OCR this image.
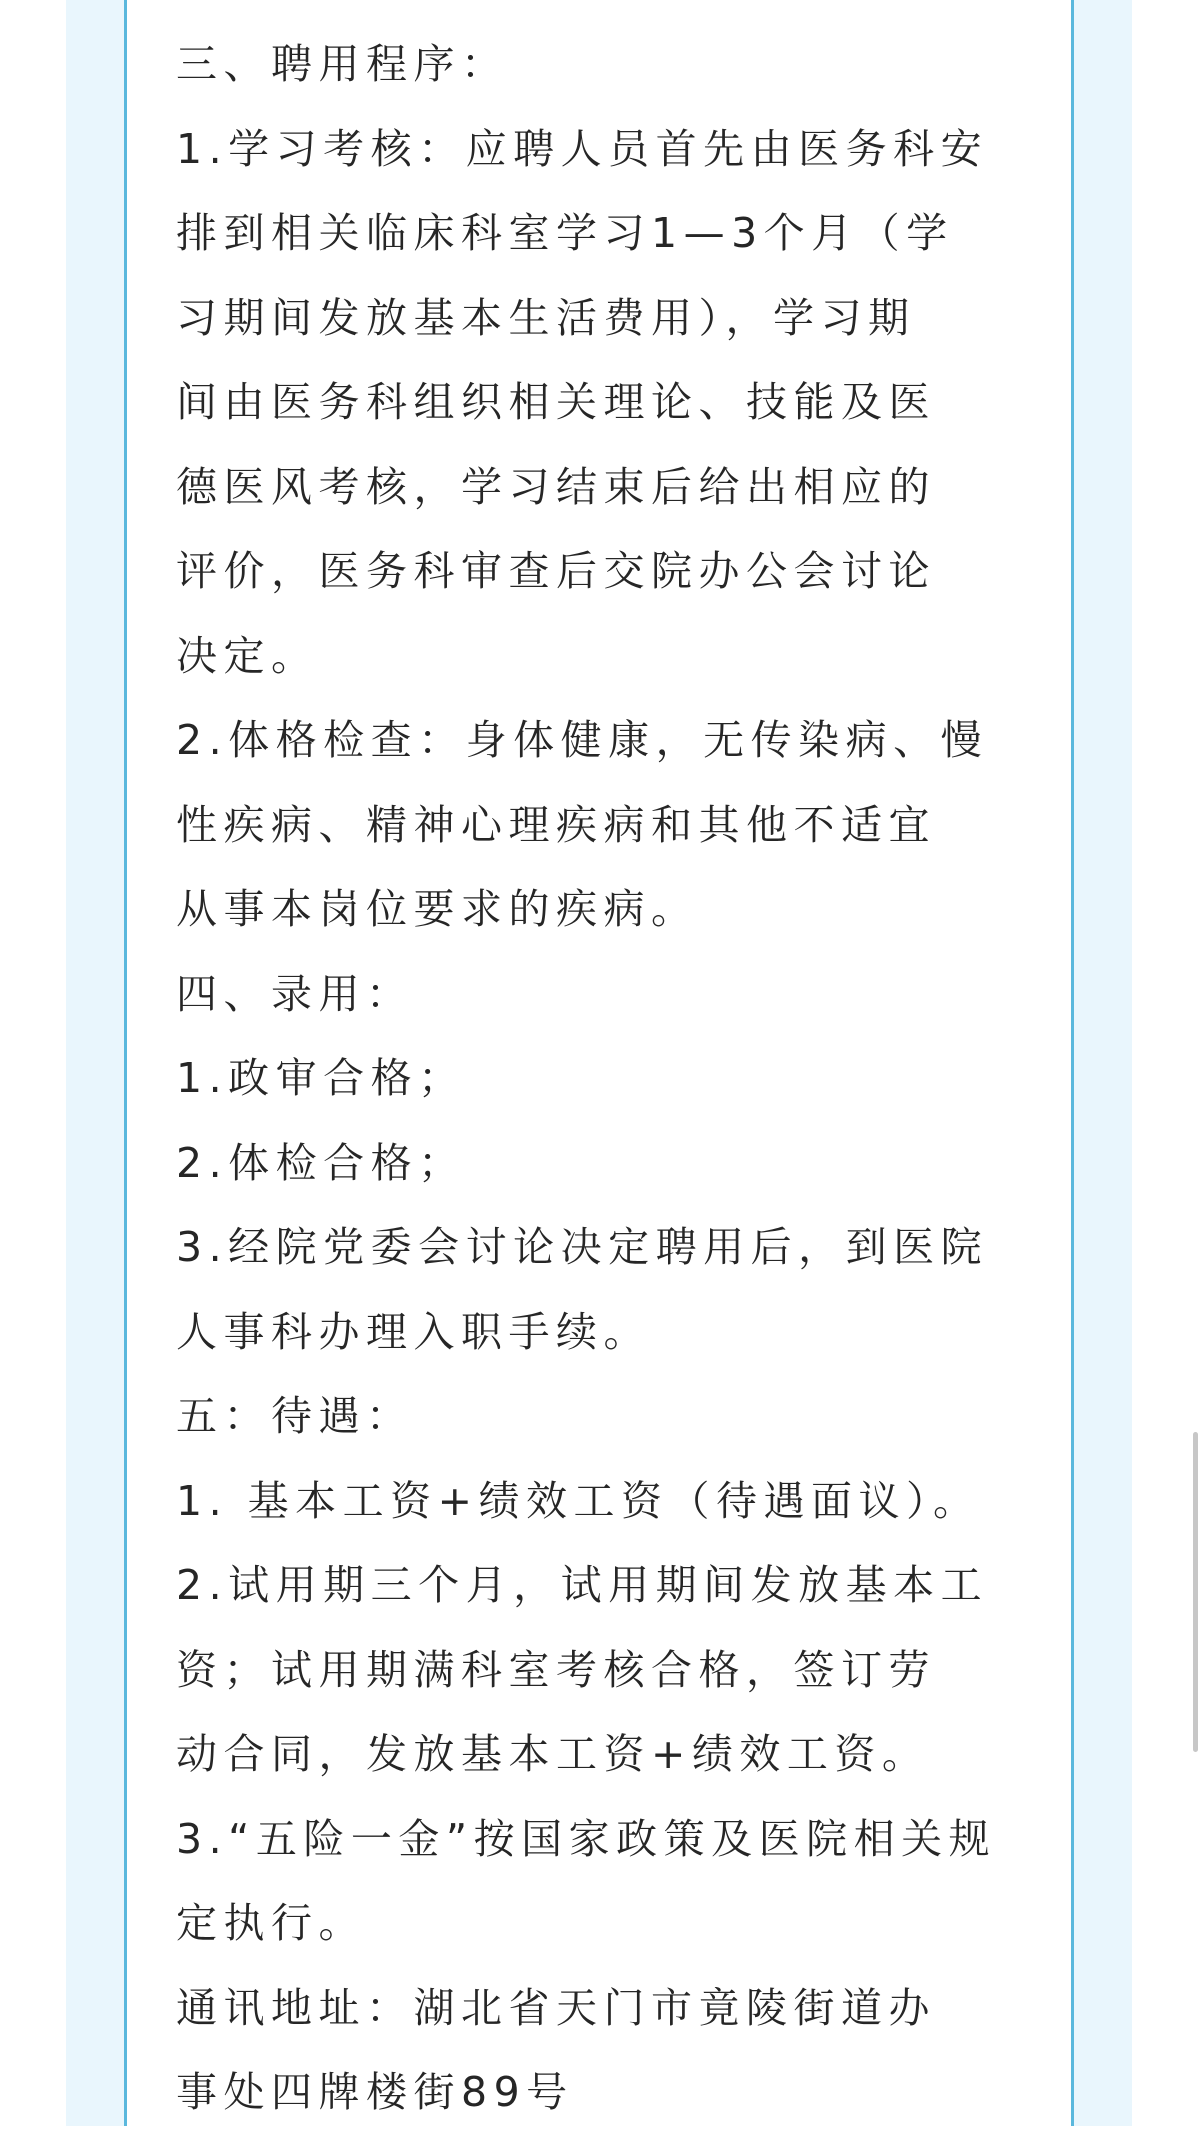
三、聘用程序：
1.学习考核：应聘人员首先由医务科安
排到相关临床科室学习1—3个月（学
习期间发放基本生活费用），学习期
间由医务科组织相关理论、技能及医
德医风考核，学习结束后给出相应的
评价，医务科审查后交院办公会讨论
决定。
2.体格检查：身体健康，无传染病、慢
性疾病、精神心理疾病和其他不适宜
从事本岗位要求的疾病。
四、录用：
1.政审合格；
2.体检合格；
3.经院党委会讨论决定聘用后，到医院
人事科办理入职手续。
五：待遇：
1. 基本工资+绩效工资（待遇面议）。
2.试用期三个月，试用期间发放基本工
资；试用期满科室考核合格，签订劳
动合同，发放基本工资+绩效工资。
3.“五险一金”按国家政策及医院相关规
定执行。
通讯地址：湖北省天门市竟陵街道办
事处四牌楼街89号
